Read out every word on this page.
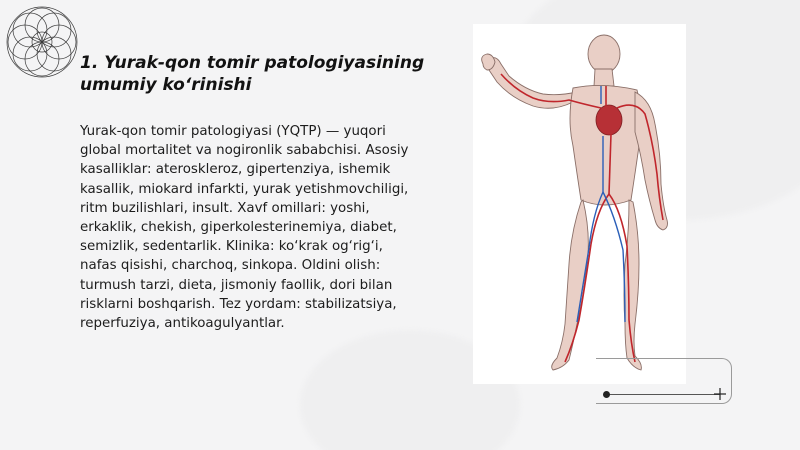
1. Yurak-qon tomir patologiyasining umumiy ko‘rinishi

Yurak-qon tomir patologiyasi (YQTP) — yuqori global mortalitet va nogironlik sababchisi. Asosiy kasalliklar: ateroskleroz, gipertenziya, ishemik kasallik, miokard infarkti, yurak yetishmovchiligi, ritm buzilishlari, insult. Xavf omillari: yoshi, erkaklik, chekish, giperkolesterinemiya, diabet, semizlik, sedentarlik. Klinika: ko‘krak og‘rig‘i, nafas qisishi, charchoq, sinkopa. Oldini olish: turmush tarzi, dieta, jismoniy faollik, dori bilan risklarni boshqarish. Tez yordam: stabilizatsiya, reperfuziya, antikoagulyantlar.
